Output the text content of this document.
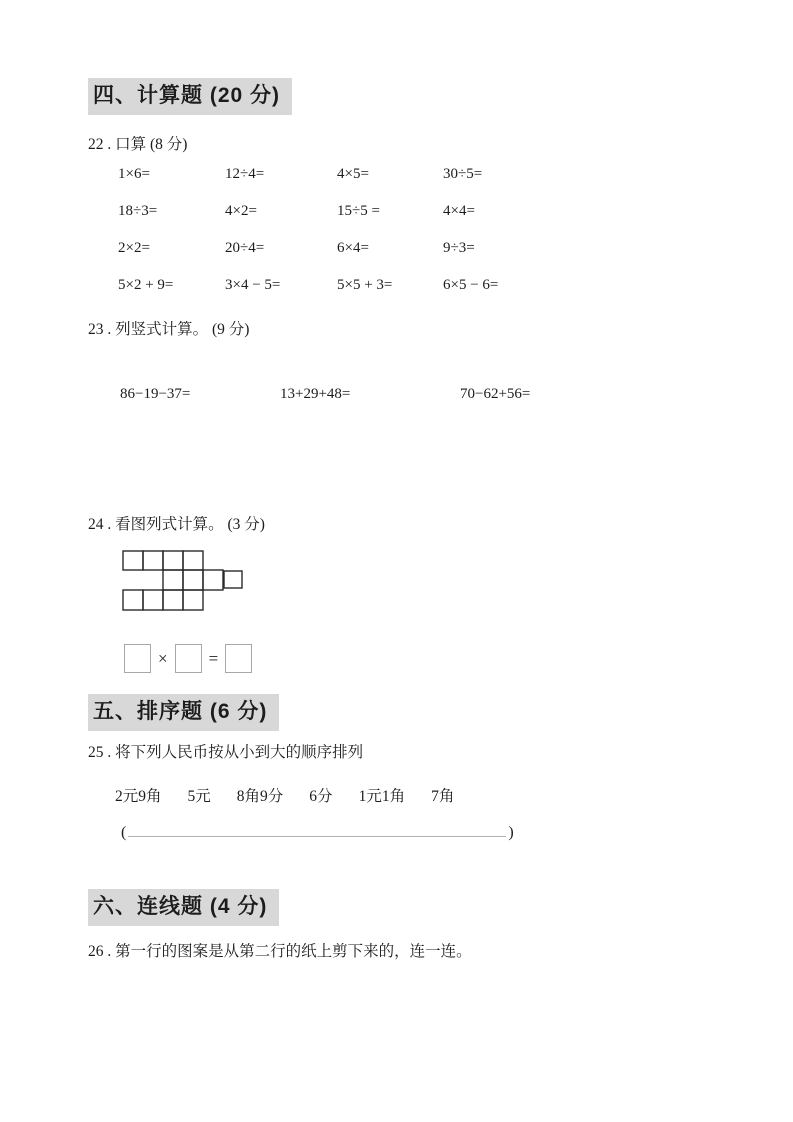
四、计算题 (20 分)
22 . 口算 (8 分)
1×6=	12÷4=	4×5=	30÷5=
18÷3=	4×2=	15÷5 =	4×4=
2×2=	20÷4=	6×4=	9÷3=
5×2 + 9=	3×4 − 5=	5×5 + 3=	6×5 − 6=
23 . 列竖式计算。 (9 分)
86−19−37=	13+29+48=	70−62+56=
24 . 看图列式计算。 (3 分)
× =
五、排序题 (6 分)
25 . 将下列人民币按从小到大的顺序排列
2元9角 5元 8角9分 6分 1元1角 7角
(	)
六、连线题 (4 分)
26 . 第一行的图案是从第二行的纸上剪下来的，连一连。
